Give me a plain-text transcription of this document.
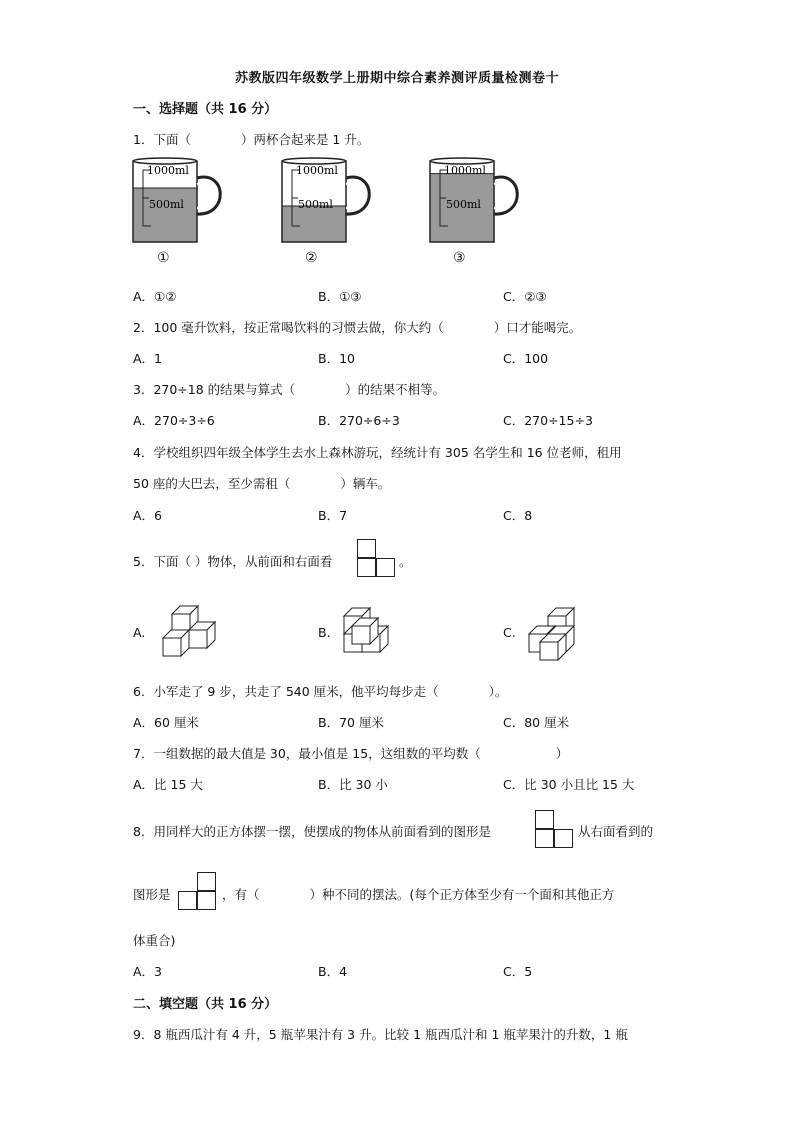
苏教版四年级数学上册期中综合素养测评质量检测卷十
一、选择题（共 16 分）
1．下面（　　　　）两杯合起来是 1 升。
1000ml
500ml
1000ml
500ml
1000ml
500ml
①	②	③
A．①②	B．①③	C．②③
2．100 毫升饮料，按正常喝饮料的习惯去做，你大约（　　　　）口才能喝完。
A．1	B．10	C．100
3．270÷18 的结果与算式（　　　　）的结果不相等。
A．270÷3÷6	B．270÷6÷3	C．270÷15÷3
4．学校组织四年级全体学生去水上森林游玩，经统计有 305 名学生和 16 位老师，租用
50 座的大巴去，至少需租（　　　　）辆车。
A．6	B．7	C．8
5．下面（ ）物体，从前面和右面看	。
A.	B.	C.
6．小军走了 9 步，共走了 540 厘米，他平均每步走（　　　　）。
A．60 厘米	B．70 厘米	C．80 厘米
7．一组数据的最大值是 30，最小值是 15，这组数的平均数（　　　　　　）
A．比 15 大	B．比 30 小	C．比 30 小且比 15 大
8．用同样大的正方体摆一摆，使摆成的物体从前面看到的图形是	从右面看到的
图形是	，有（　　　　）种不同的摆法。(每个正方体至少有一个面和其他正方
体重合)
A．3	B．4	C．5
二、填空题（共 16 分）
9．8 瓶西瓜汁有 4 升，5 瓶苹果汁有 3 升。比较 1 瓶西瓜汁和 1 瓶苹果汁的升数，1 瓶
